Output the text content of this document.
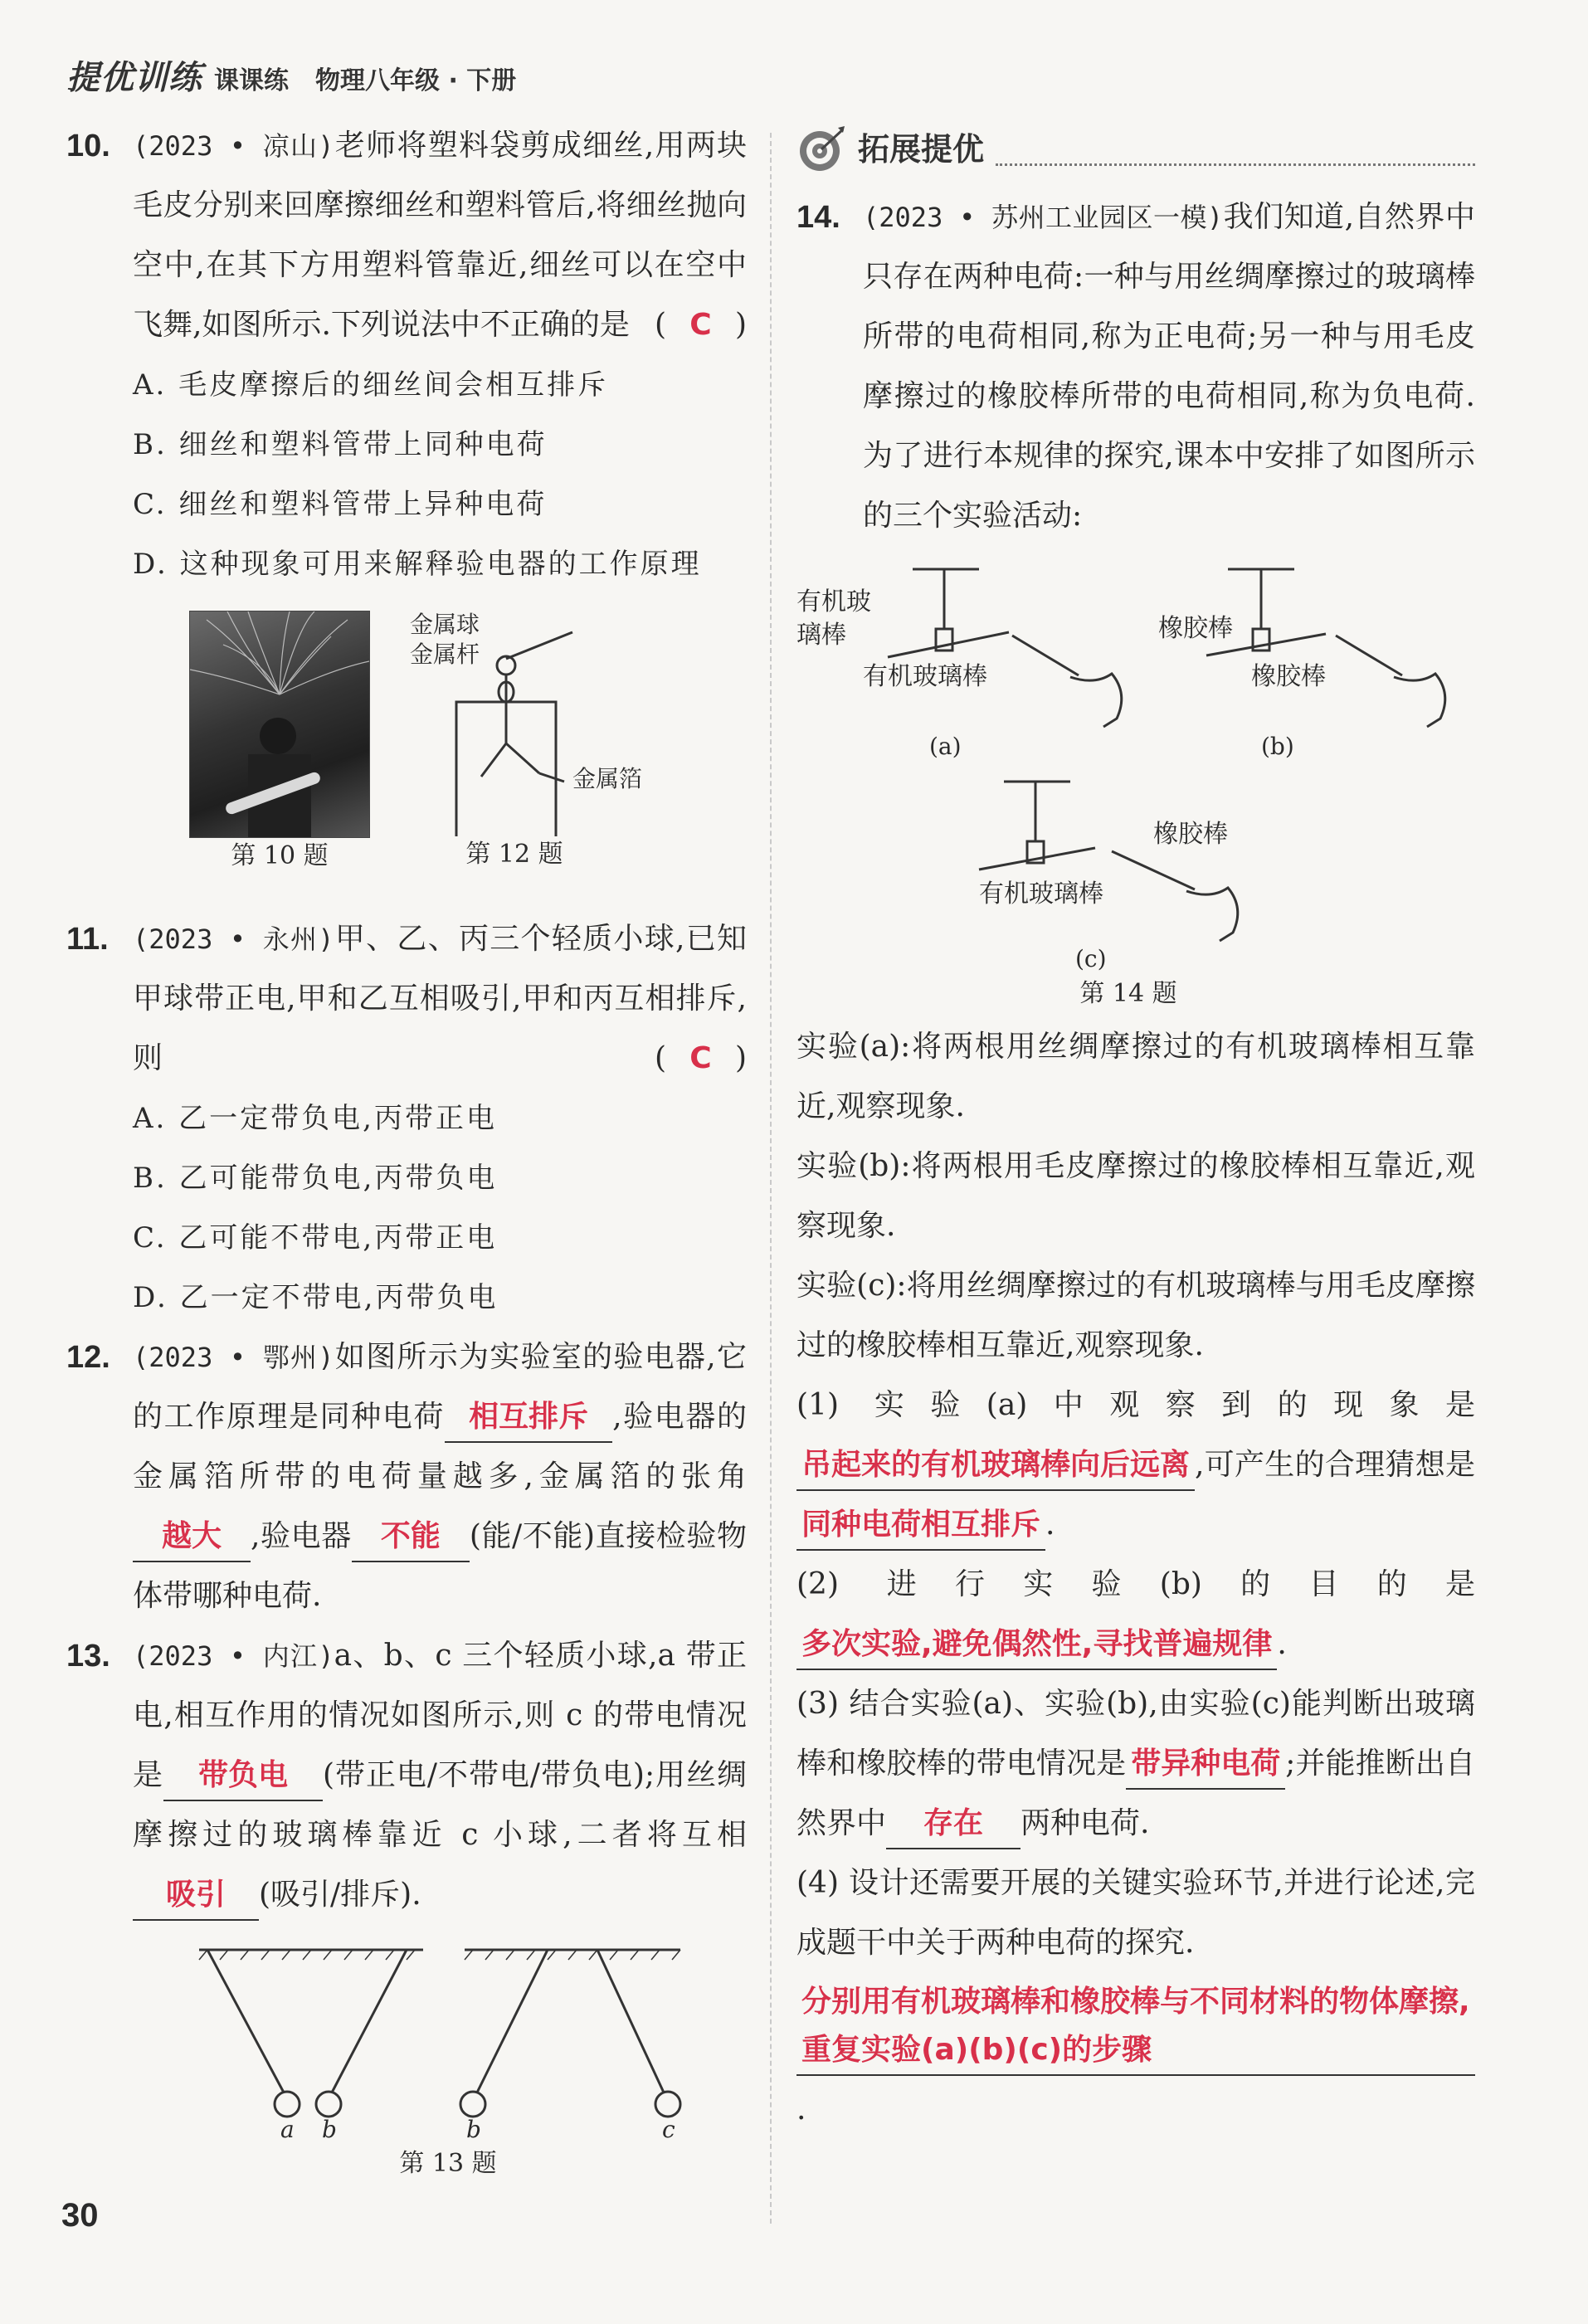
提优训练 课课练 物理八年级 · 下册
10. (2023 • 凉山)老师将塑料袋剪成细丝,用两块毛皮分别来回摩擦细丝和塑料管后,将细丝抛向空中,在其下方用塑料管靠近,细丝可以在空中飞舞,如图所示.下列说法中不正确的是 ( C )
A. 毛皮摩擦后的细丝间会相互排斥
B. 细丝和塑料管带上同种电荷
C. 细丝和塑料管带上异种电荷
D. 这种现象可用来解释验电器的工作原理
第 10 题
金属球
金属杆
金属箔
第 12 题
11. (2023 • 永州)甲、乙、丙三个轻质小球,已知甲球带正电,甲和乙互相吸引,甲和丙互相排斥,则	( C )
A. 乙一定带负电,丙带正电
B. 乙可能带负电,丙带负电
C. 乙可能不带电,丙带正电
D. 乙一定不带电,丙带负电
12. (2023 • 鄂州)如图所示为实验室的验电器,它的工作原理是同种电荷 相互排斥 ,验电器的金属箔所带的电荷量越多,金属箔的张角越大 ,验电器 不能 (能/不能)直接检验物体带哪种电荷.
13. (2023 • 内江)a、b、c 三个轻质小球,a 带正电,相互作用的情况如图所示,则 c 的带电情况是 带负电 (带正电/不带电/带负电);用丝绸摩擦过的玻璃棒靠近 c 小球,二者将互相吸引 (吸引/排斥).
a b	b	c
第 13 题
拓展提优
14. (2023 • 苏州工业园区一模)我们知道,自然界中只存在两种电荷:一种与用丝绸摩擦过的玻璃棒所带的电荷相同,称为正电荷;另一种与用毛皮摩擦过的橡胶棒所带的电荷相同,称为负电荷.为了进行本规律的探究,课本中安排了如图所示的三个实验活动:
有机玻璃棒
有机玻璃棒
(a)
橡胶棒
橡胶棒
(b)
橡胶棒
有机玻璃棒
(c)
第 14 题
实验(a):将两根用丝绸摩擦过的有机玻璃棒相互靠近,观察现象.
实验(b):将两根用毛皮摩擦过的橡胶棒相互靠近,观察现象.
实验(c):将用丝绸摩擦过的有机玻璃棒与用毛皮摩擦过的橡胶棒相互靠近,观察现象.
(1) 实验(a)中观察到的现象是吊起来的有机玻璃棒向后远离 ,可产生的合理猜想是同种电荷相互排斥 .
(2) 进行实验(b)的目的是多次实验,避免偶然性,寻找普遍规律 .
(3) 结合实验(a)、实验(b),由实验(c)能判断出玻璃棒和橡胶棒的带电情况是 带异种电荷 ;并能推断出自然界中 存在 两种电荷.
(4) 设计还需要开展的关键实验环节,并进行论述,完成题干中关于两种电荷的探究.
分别用有机玻璃棒和橡胶棒与不同材料的物体摩擦,重复实验(a)(b)(c)的步骤.
30
